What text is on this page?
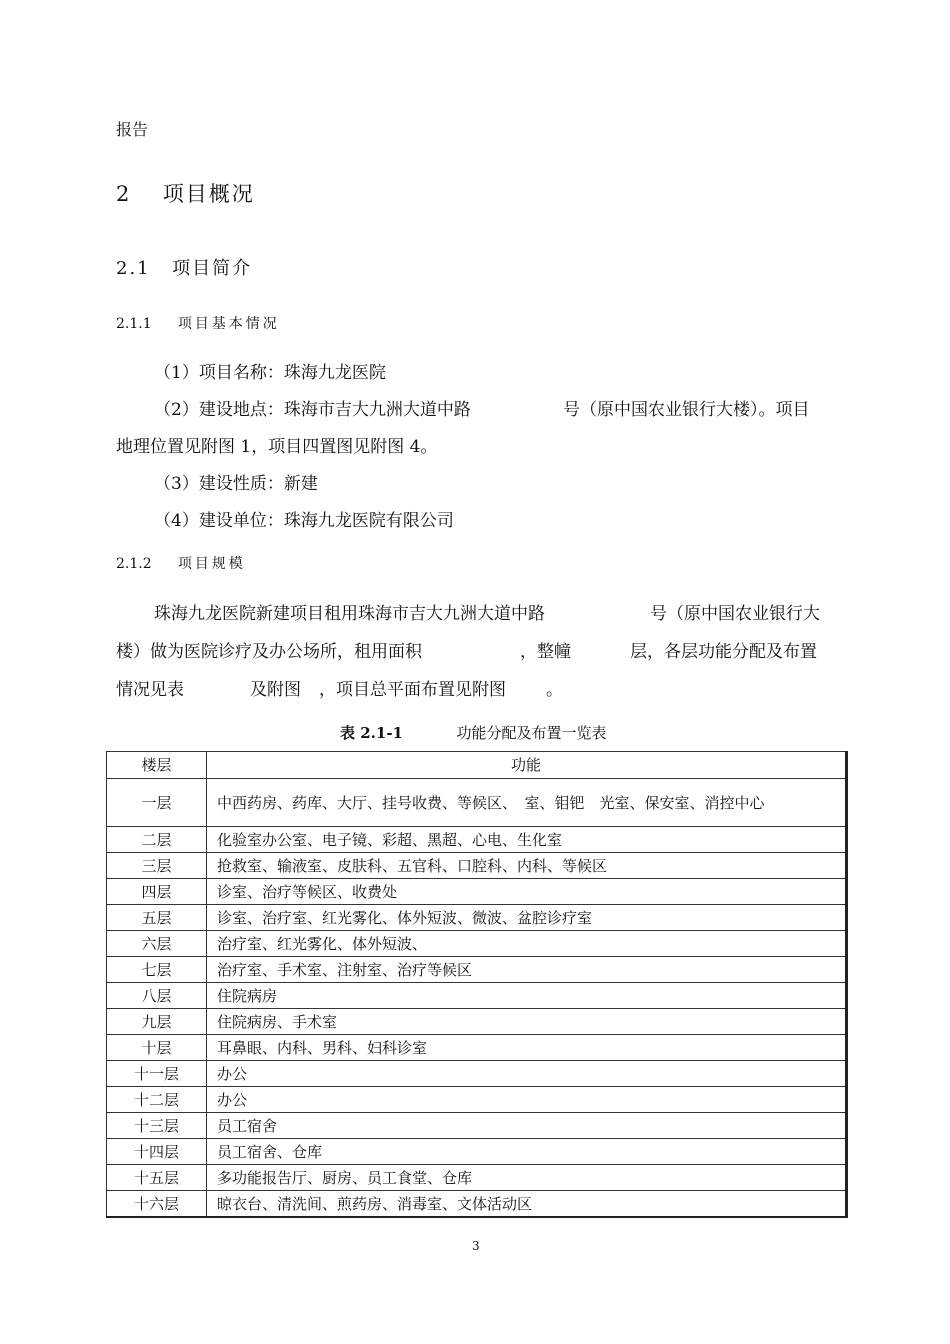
报告
2 项目概况
2.1 项目简介
2.1.1 项目基本情况
（1）项目名称：珠海九龙医院
（2）建设地点：珠海市吉大九洲大道中路	号（原中国农业银行大楼）。项目
地理位置见附图 1，项目四置图见附图 4。
（3）建设性质：新建
（4）建设单位：珠海九龙医院有限公司
2.1.2 项目规模
珠海九龙医院新建项目租用珠海市吉大九洲大道中路	号（原中国农业银行大
楼）做为医院诊疗及办公场所，租用面积	，整幢	层，各层功能分配及布置
情况见表	及附图 ，项目总平面布置见附图 。
表 2.1-1	功能分配及布置一览表
楼层	功能
一层	中西药房、药库、大厅、挂号收费、等候区、　室、钼钯　光室、保安室、消控中心
二层	化验室办公室、电子镜、彩超、黑超、心电、生化室
三层	抢救室、输液室、皮肤科、五官科、口腔科、内科、等候区
四层	诊室、治疗等候区、收费处
五层	诊室、治疗室、红光雾化、体外短波、微波、盆腔诊疗室
六层	治疗室、红光雾化、体外短波、
七层	治疗室、手术室、注射室、治疗等候区
八层	住院病房
九层	住院病房、手术室
十层	耳鼻眼、内科、男科、妇科诊室
十一层	办公
十二层	办公
十三层	员工宿舍
十四层	员工宿舍、仓库
十五层	多功能报告厅、厨房、员工食堂、仓库
十六层	晾衣台、清洗间、煎药房、消毒室、文体活动区
3
